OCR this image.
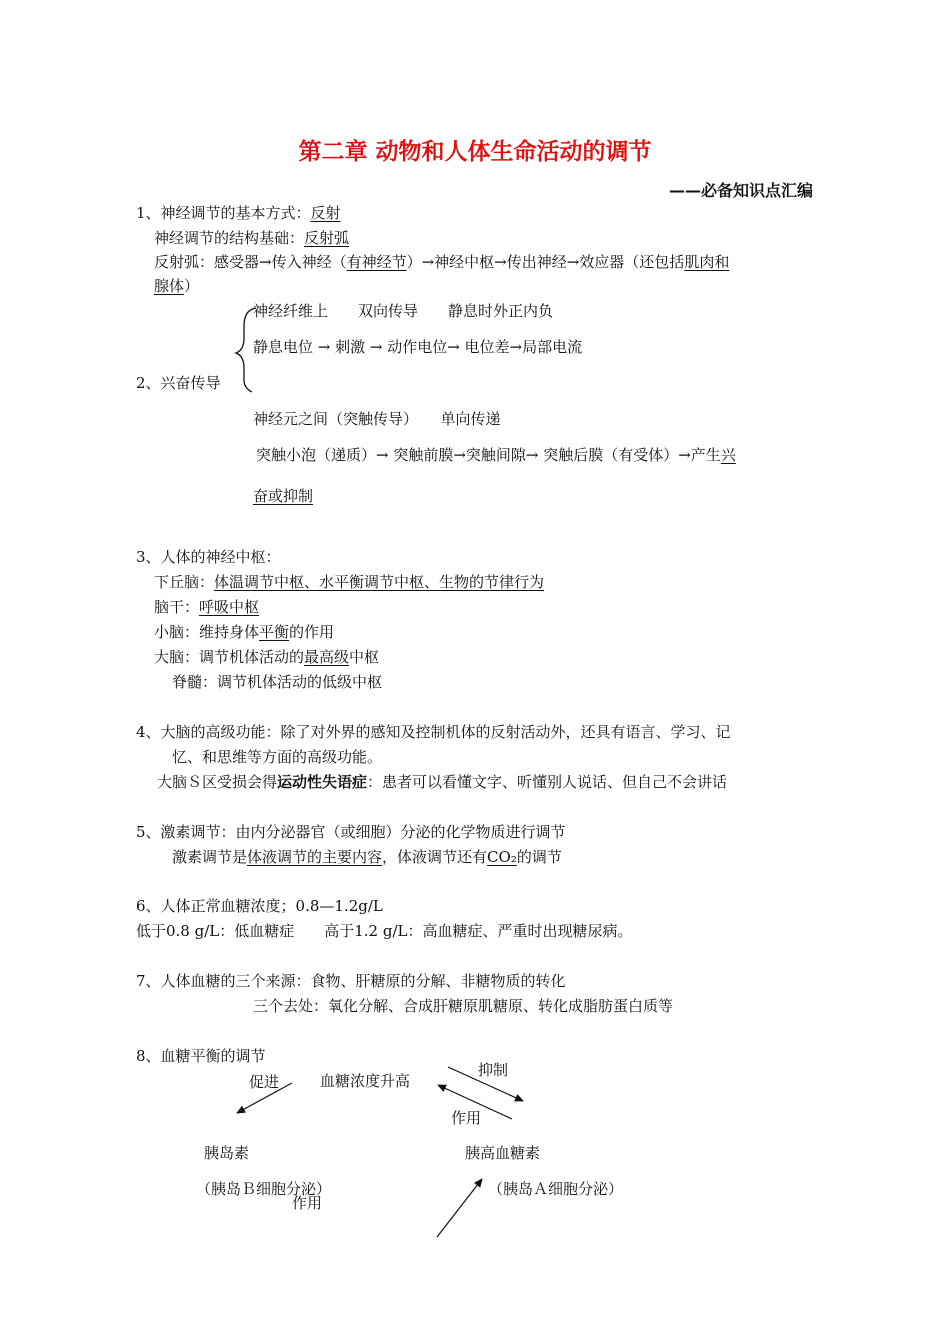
第二章 动物和人体生命活动的调节
——必备知识点汇编
1、神经调节的基本方式：反射
神经调节的结构基础：反射弧
反射弧：感受器→传入神经（有神经节）→神经中枢→传出神经→效应器（还包括肌肉和
腺体）
神经纤维上　　双向传导　　静息时外正内负
静息电位 → 刺激 → 动作电位→ 电位差→局部电流
2、兴奋传导
神经元之间（突触传导）　　单向传递
突触小泡（递质）→ 突触前膜→突触间隙→ 突触后膜（有受体）→产生兴
奋或抑制
3、人体的神经中枢：
下丘脑：体温调节中枢、水平衡调节中枢、生物的节律行为
脑干：呼吸中枢
小脑：维持身体平衡的作用
大脑：调节机体活动的最高级中枢
脊髓：调节机体活动的低级中枢
4、大脑的高级功能：除了对外界的感知及控制机体的反射活动外，还具有语言、学习、记
忆、和思维等方面的高级功能。
大脑Ｓ区受损会得运动性失语症：患者可以看懂文字、听懂别人说话、但自己不会讲话
5、激素调节：由内分泌器官（或细胞）分泌的化学物质进行调节
激素调节是体液调节的主要内容，体液调节还有CO₂的调节
6、人体正常血糖浓度；0.8—1.2g/L
低于0.8 g/L：低血糖症　　高于1.2 g/L：高血糖症、严重时出现糖尿病。
7、人体血糖的三个来源：食物、肝糖原的分解、非糖物质的转化
三个去处：氧化分解、合成肝糖原肌糖原、转化成脂肪蛋白质等
8、血糖平衡的调节
促进	血糖浓度升高
抑制
作用
胰岛素	胰高血糖素
（胰岛Ｂ细胞分泌）	（胰岛Ａ细胞分泌）
作用
